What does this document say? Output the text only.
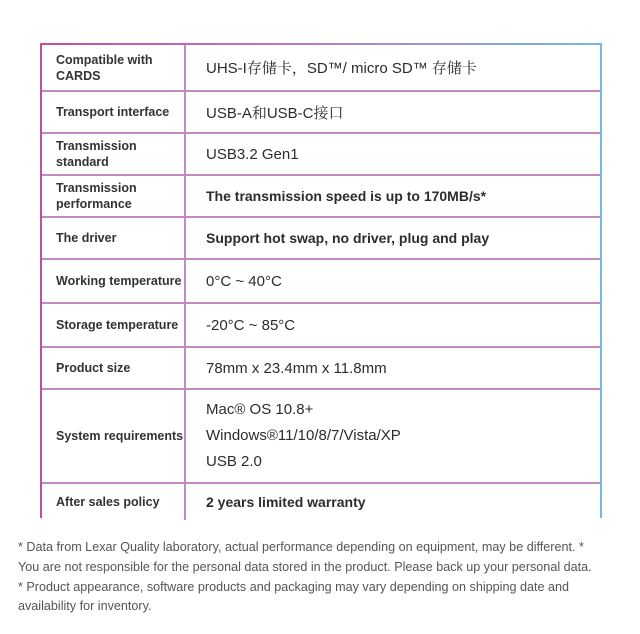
Compatible with CARDS	UHS-I存储卡，SD™/ micro SD™ 存储卡
Transport interface	USB-A和USB-C接口
Transmission standard	USB3.2 Gen1
Transmission performance	The transmission speed is up to 170MB/s*
The driver	Support hot swap, no driver, plug and play
Working temperature	0°C ~ 40°C
Storage temperature	-20°C ~ 85°C
Product size	78mm x 23.4mm x 11.8mm
System requirements	Mac® OS 10.8+
Windows®11/10/8/7/Vista/XP
USB 2.0

After sales policy	2 years limited warranty

* Data from Lexar Quality laboratory, actual performance depending on equipment, may be different. *

You are not responsible for the personal data stored in the product. Please back up your personal data.

* Product appearance, software products and packaging may vary depending on shipping date and

availability for inventory.
